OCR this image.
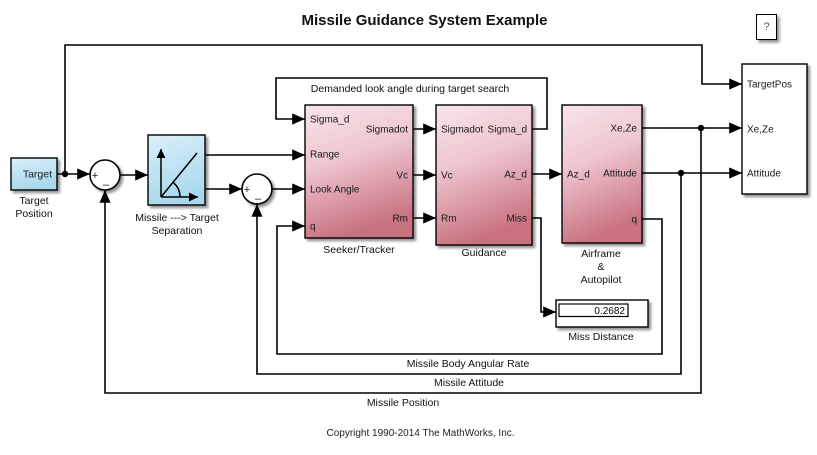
Target
Sigma_d
Range
Look Angle
q
Sigmadot
Vc
Rm
Sigmadot
Vc
Rm
Sigma_d
Az_d
Miss
Az_d
Xe,Ze
Attitude
q
TargetPos
Xe,Ze
Attitude
+
–	+
–
0.2682
Target
Position	Missile ---> Target
Separation
Seeker/Tracker	Guidance	Airframe
&
Autopilot
Miss Distance
Demanded look angle during target search
Missile Body Angular Rate
Missile Attitude
Missile Position
Missile Guidance System Example	?
Copyright 1990-2014 The MathWorks, Inc.
